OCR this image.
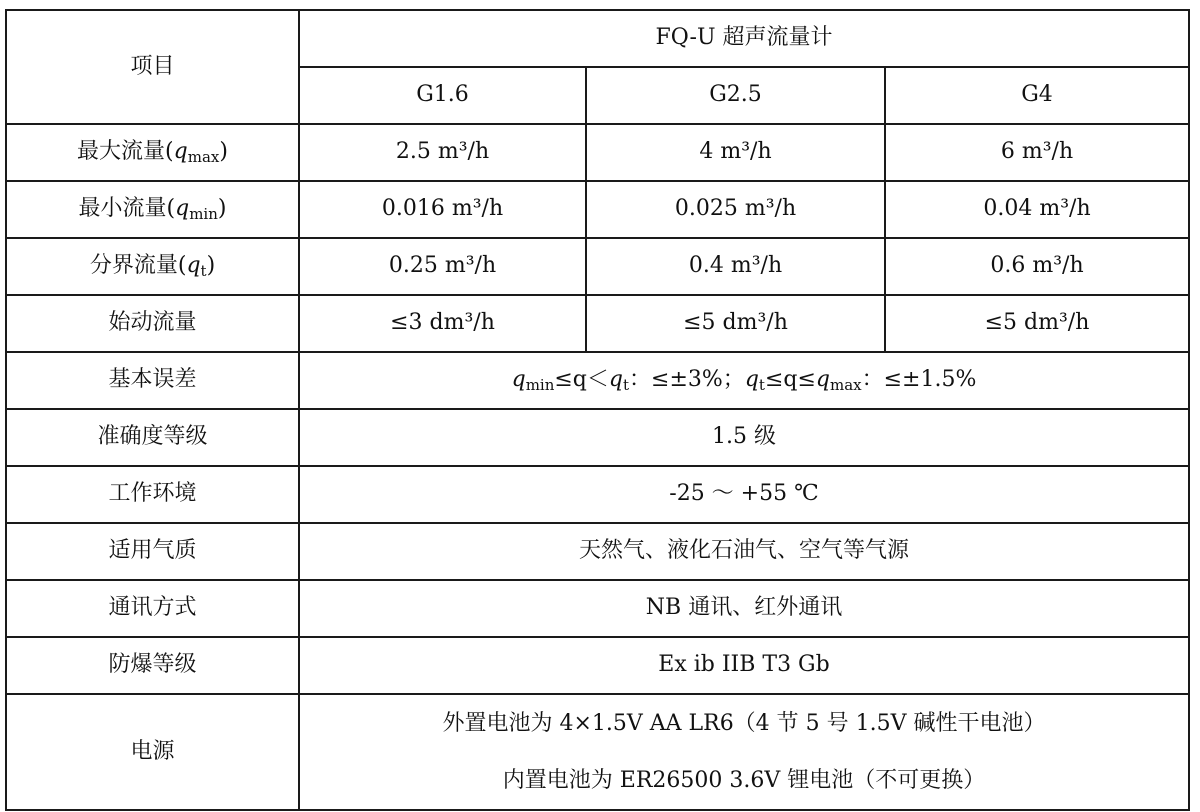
项目	FQ-U 超声流量计		
	G1.6	G2.5	G4
最大流量$(q_{max})$	2.5 m³/h	4 m³/h	6 m³/h
最小流量$(q_{min})$	0.016 m³/h	0.025 m³/h	0.04 m³/h
分界流量$(q_t)$	0.25 m³/h	0.4 m³/h	0.6 m³/h
始动流量	≤3 dm³/h	≤5 dm³/h	≤5 dm³/h
基本误差	$q_{min}\le q<q_t$：≤±3%；$q_t\le q\le q_{max}$：≤±1.5%		
准确度等级	1.5 级		
工作环境	-25 ～ +55 ℃		
适用气质	天然气、液化石油气、空气等气源		
通讯方式	NB 通讯、红外通讯		
防爆等级	Ex ib IIB T3 Gb		
电源	外置电池为 4×1.5V AA LR6（4 节 5 号 1.5V 碱性干电池）
内置电池为 ER26500 3.6V 锂电池（不可更换）		
